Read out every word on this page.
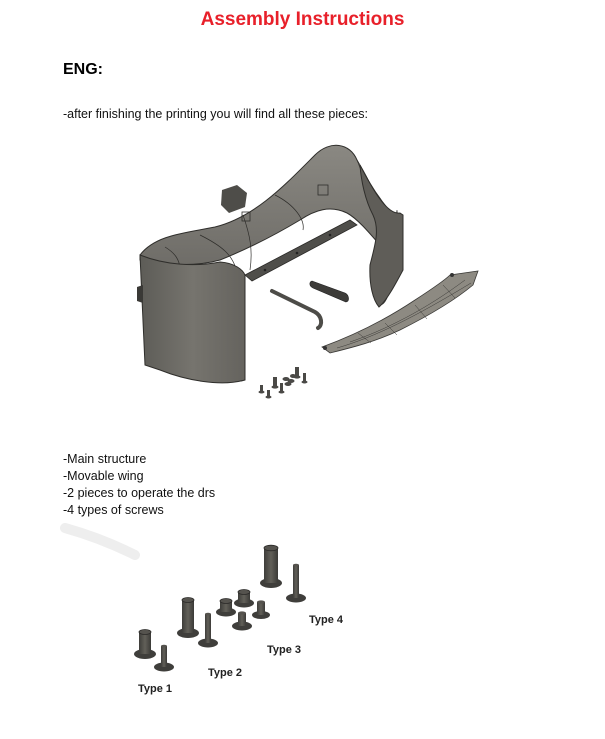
Assembly Instructions
ENG:
-after finishing the printing you will find all these pieces:
-Main structure
-Movable wing
-2 pieces to operate the drs
-4 types of screws
Type 1
Type 2
Type 3
Type 4
